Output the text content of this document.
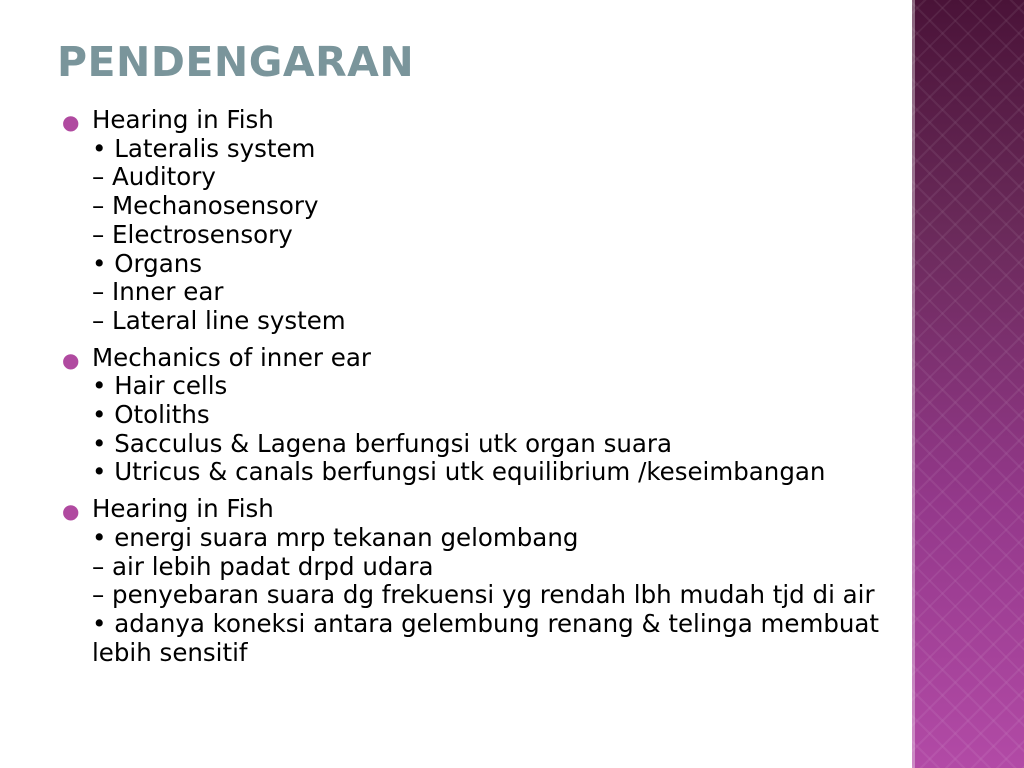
PENDENGARAN
● Hearing in Fish
• Lateralis system
– Auditory
– Mechanosensory
– Electrosensory
• Organs
– Inner ear
– Lateral line system
● Mechanics of inner ear
• Hair cells
• Otoliths
• Sacculus & Lagena berfungsi utk organ suara
• Utricus & canals berfungsi utk equilibrium /keseimbangan
● Hearing in Fish
• energi suara mrp tekanan gelombang
– air lebih padat drpd udara
– penyebaran suara dg frekuensi yg rendah lbh mudah tjd di air
• adanya koneksi antara gelembung renang & telinga membuat
lebih sensitif
